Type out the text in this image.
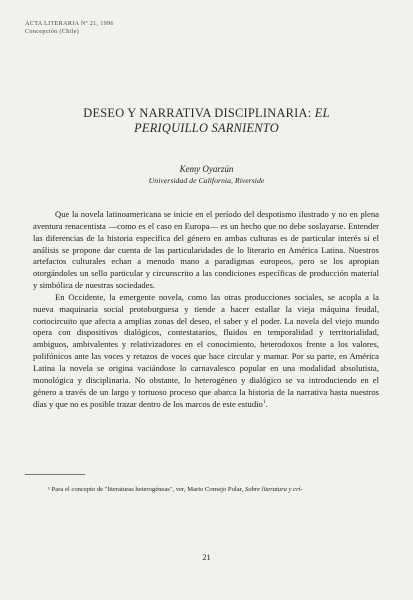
ACTA LITERARIA Nº 21, 1996
Concepción (Chile)
DESEO Y NARRATIVA DISCIPLINARIA: EL
PERIQUILLO SARNIENTO
Kemy Oyarzún
Universidad de California, Riverside

Que la novela latinoamericana se inicie en el período del despotismo ilustrado y no en plena aventura renacentista —como es el caso en Europa— es un hecho que no debe soslayarse. Entender las diferencias de la historia específica del género en ambas culturas es de particular interés si el análisis se propone dar cuenta de las particularidades de lo literario en América Latina. Nuestros artefactos culturales echan a menudo mano a paradigmas europeos, pero se los apropian otorgándoles un sello particular y circunscrito a las condiciones específicas de producción material y simbólica de nuestras sociedades.

En Occidente, la emergente novela, como las otras producciones sociales, se acopla a la nueva maquinaria social protoburguesa y tiende a hacer estallar la vieja máquina feudal, cortocircuito que afecta a amplias zonas del deseo, el saber y el poder. La novela del viejo mundo opera con dispositivos dialógicos, contestatarios, fluidos en temporalidad y territorialidad, ambiguos, ambivalentes y relativizadores en el conocimiento, heterodoxos frente a los valores, polifónicos ante las voces y retazos de voces que hace circular y mamar. Por su parte, en América Latina la novela se origina vaciándose lo carnavalesco popular en una modalidad absolutista, monológica y disciplinaria. No obstante, lo heterogéneo y dialógico se va introduciendo en el género a través de un largo y tortuoso proceso que abarca la historia de la narrativa hasta nuestros días y que no es posible trazar dentro de los marcos de este estudio$^1$.

¹ Para el concepto de "literaturas heterogéneas", ver, Mario Cornejo Polar, Sobre literatura y crí-
21
